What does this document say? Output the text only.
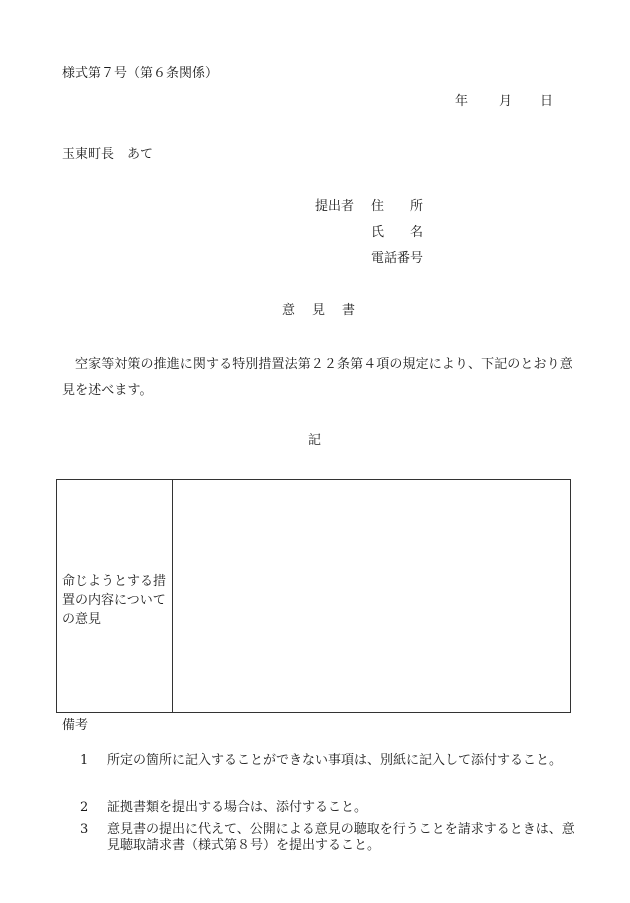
様式第７号（第６条関係）
年 月 日
玉東町長　あて
提出者 住 所
氏 名
電話番号
意見書
空家等対策の推進に関する特別措置法第２２条第４項の規定により、下記のとおり意見を述べます。
記
命じようとする措置の内容についての意見
備考
1 所定の箇所に記入することができない事項は、別紙に記入して添付すること。
2 証拠書類を提出する場合は、添付すること。
3 意見書の提出に代えて、公開による意見の聴取を行うことを請求するときは、意見聴取請求書（様式第８号）を提出すること。
